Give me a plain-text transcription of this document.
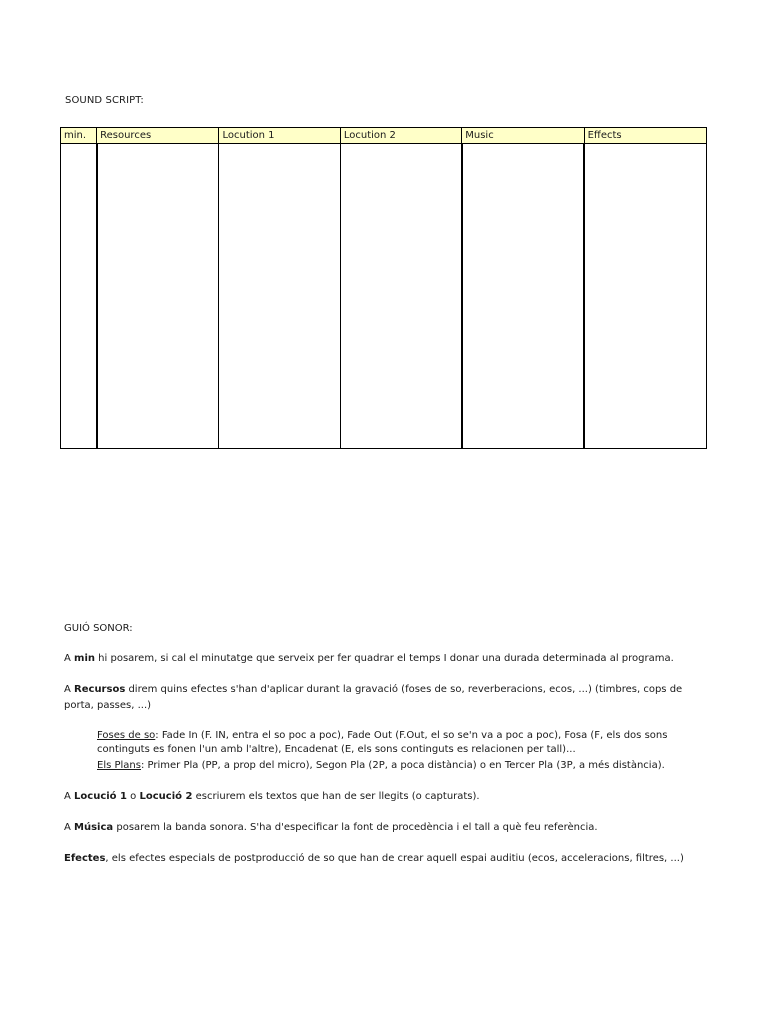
SOUND SCRIPT:
min.	Resources	Locution 1	Locution 2	Music	Effects

GUIÓ SONOR:
A min hi posarem, si cal el minutatge que serveix per fer quadrar el temps I donar una durada determinada al programa.
A Recursos direm quins efectes s'han d'aplicar durant la gravació (foses de so, reverberacions, ecos, ...) (timbres, cops de porta, passes, ...)
Foses de so: Fade In (F. IN, entra el so poc a poc), Fade Out (F.Out, el so se'n va a poc a poc), Fosa (F, els dos sons continguts es fonen l'un amb l'altre), Encadenat (E, els sons continguts es relacionen per tall)...
Els Plans: Primer Pla (PP, a prop del micro), Segon Pla (2P, a poca distància) o en Tercer Pla (3P, a més distància).
A Locució 1 o Locució 2 escriurem els textos que han de ser llegits (o capturats).
A Música posarem la banda sonora. S'ha d'especificar la font de procedència i el tall a què feu referència.
Efectes, els efectes especials de postproducció de so que han de crear aquell espai auditiu (ecos, acceleracions, filtres, ...)
